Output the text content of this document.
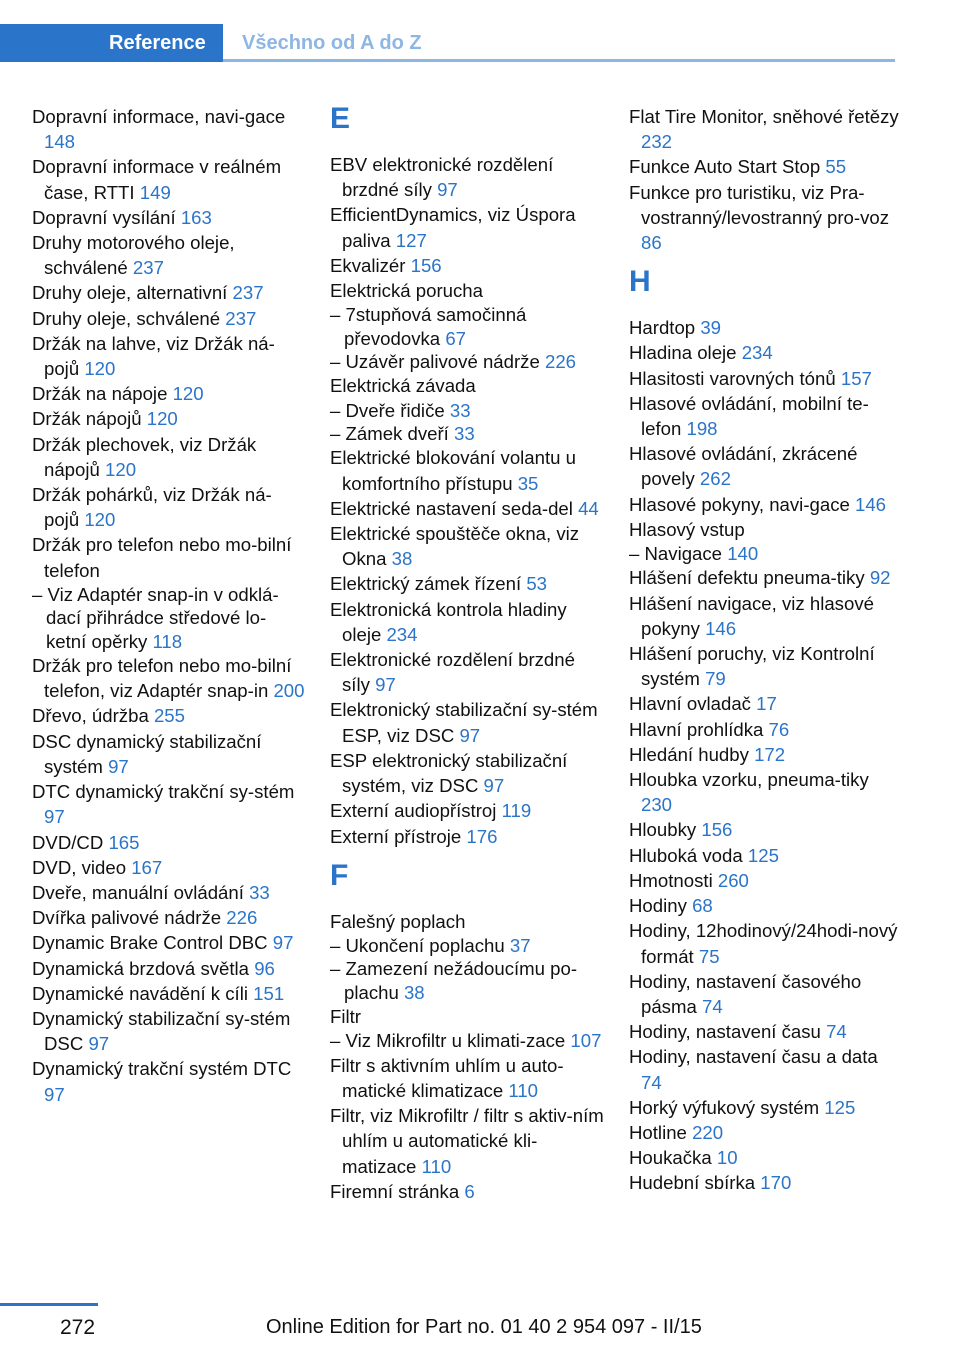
Reference	Všechno od A do Z
Dopravní informace, navi‐gace 148
Dopravní informace v reálném čase, RTTI 149
Dopravní vysílání 163
Druhy motorového oleje, schválené 237
Druhy oleje, alternativní 237
Druhy oleje, schválené 237
Držák na lahve, viz Držák ná‐pojů 120
Držák na nápoje 120
Držák nápojů 120
Držák plechovek, viz Držák nápojů 120
Držák pohárků, viz Držák ná‐pojů 120
Držák pro telefon nebo mo‐bilní telefon
– Viz Adaptér snap-in v odklá‐dací přihrádce středové lo‐ketní opěrky 118
Držák pro telefon nebo mo‐bilní telefon, viz Adaptér snap-in 200
Dřevo, údržba 255
DSC dynamický stabilizační systém 97
DTC dynamický trakční sy‐stém 97
DVD/CD 165
DVD, video 167
Dveře, manuální ovládání 33
Dvířka palivové nádrže 226
Dynamic Brake Control DBC 97
Dynamická brzdová světla 96
Dynamické navádění k cíli 151
Dynamický stabilizační sy‐stém DSC 97
Dynamický trakční systém DTC 97
E
EBV elektronické rozdělení brzdné síly 97
EfficientDynamics, viz Úspora paliva 127
Ekvalizér 156
Elektrická porucha
– 7stupňová samočinná převodovka 67
– Uzávěr palivové nádrže 226
Elektrická závada
– Dveře řidiče 33
– Zámek dveří 33
Elektrické blokování volantu u komfortního přístupu 35
Elektrické nastavení seda‐del 44
Elektrické spouštěče okna, viz Okna 38
Elektrický zámek řízení 53
Elektronická kontrola hladiny oleje 234
Elektronické rozdělení brzdné síly 97
Elektronický stabilizační sy‐stém ESP, viz DSC 97
ESP elektronický stabilizační systém, viz DSC 97
Externí audiopřístroj 119
Externí přístroje 176
F
Falešný poplach
– Ukončení poplachu 37
– Zamezení nežádoucímu po‐plachu 38
Filtr
– Viz Mikrofiltr u klimati‐zace 107
Filtr s aktivním uhlím u auto‐matické klimatizace 110
Filtr, viz Mikrofiltr / filtr s aktiv‐ním uhlím u automatické kli‐matizace 110
Firemní stránka 6
Flat Tire Monitor, sněhové řetězy 232
Funkce Auto Start Stop 55
Funkce pro turistiku, viz Pra‐vostranný/levostranný pro‐voz 86
H
Hardtop 39
Hladina oleje 234
Hlasitosti varovných tónů 157
Hlasové ovládání, mobilní te‐lefon 198
Hlasové ovládání, zkrácené povely 262
Hlasové pokyny, navi‐gace 146
Hlasový vstup
– Navigace 140
Hlášení defektu pneuma‐tiky 92
Hlášení navigace, viz hlasové pokyny 146
Hlášení poruchy, viz Kontrolní systém 79
Hlavní ovladač 17
Hlavní prohlídka 76
Hledání hudby 172
Hloubka vzorku, pneuma‐tiky 230
Hloubky 156
Hluboká voda 125
Hmotnosti 260
Hodiny 68
Hodiny, 12hodinový/24hodi‐nový formát 75
Hodiny, nastavení časového pásma 74
Hodiny, nastavení času 74
Hodiny, nastavení času a data 74
Horký výfukový systém 125
Hotline 220
Houkačka 10
Hudební sbírka 170
272	Online Edition for Part no. 01 40 2 954 097 - II/15
